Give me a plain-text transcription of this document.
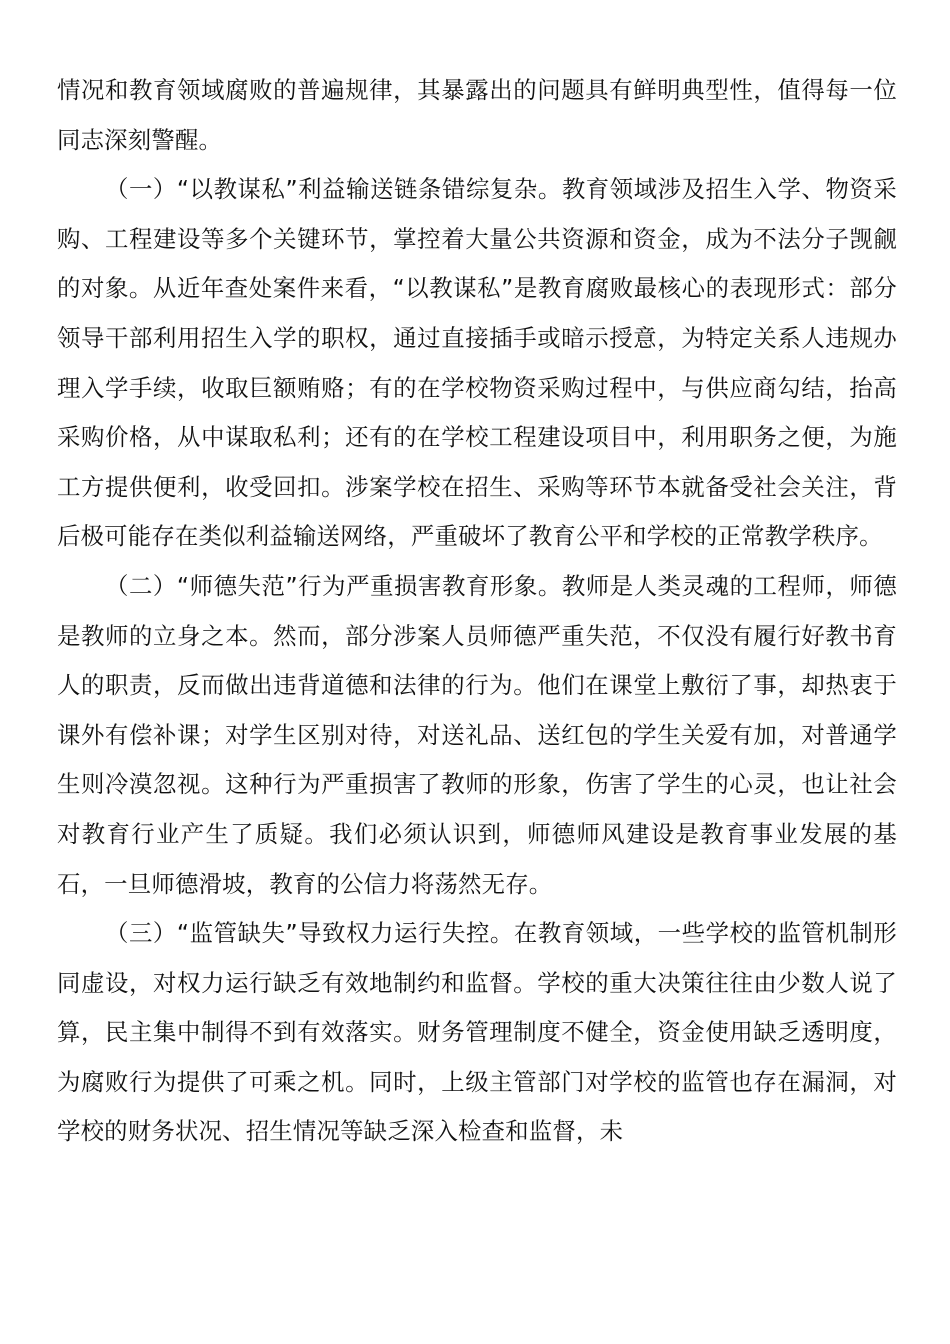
情况和教育领域腐败的普遍规律，其暴露出的问题具有鲜明典型性，值得每一位同志深刻警醒。

（一）“以教谋私”利益输送链条错综复杂。教育领域涉及招生入学、物资采购、工程建设等多个关键环节，掌控着大量公共资源和资金，成为不法分子觊觎的对象。从近年查处案件来看，“以教谋私”是教育腐败最核心的表现形式：部分领导干部利用招生入学的职权，通过直接插手或暗示授意，为特定关系人违规办理入学手续，收取巨额贿赂；有的在学校物资采购过程中，与供应商勾结，抬高采购价格，从中谋取私利；还有的在学校工程建设项目中，利用职务之便，为施工方提供便利，收受回扣。涉案学校在招生、采购等环节本就备受社会关注，背后极可能存在类似利益输送网络，严重破坏了教育公平和学校的正常教学秩序。

（二）“师德失范”行为严重损害教育形象。教师是人类灵魂的工程师，师德是教师的立身之本。然而，部分涉案人员师德严重失范，不仅没有履行好教书育人的职责，反而做出违背道德和法律的行为。他们在课堂上敷衍了事，却热衷于课外有偿补课；对学生区别对待，对送礼品、送红包的学生关爱有加，对普通学生则冷漠忽视。这种行为严重损害了教师的形象，伤害了学生的心灵，也让社会对教育行业产生了质疑。我们必须认识到，师德师风建设是教育事业发展的基石，一旦师德滑坡，教育的公信力将荡然无存。

（三）“监管缺失”导致权力运行失控。在教育领域，一些学校的监管机制形同虚设，对权力运行缺乏有效地制约和监督。学校的重大决策往往由少数人说了算，民主集中制得不到有效落实。财务管理制度不健全，资金使用缺乏透明度，为腐败行为提供了可乘之机。同时，上级主管部门对学校的监管也存在漏洞，对学校的财务状况、招生情况等缺乏深入检查和监督，未
